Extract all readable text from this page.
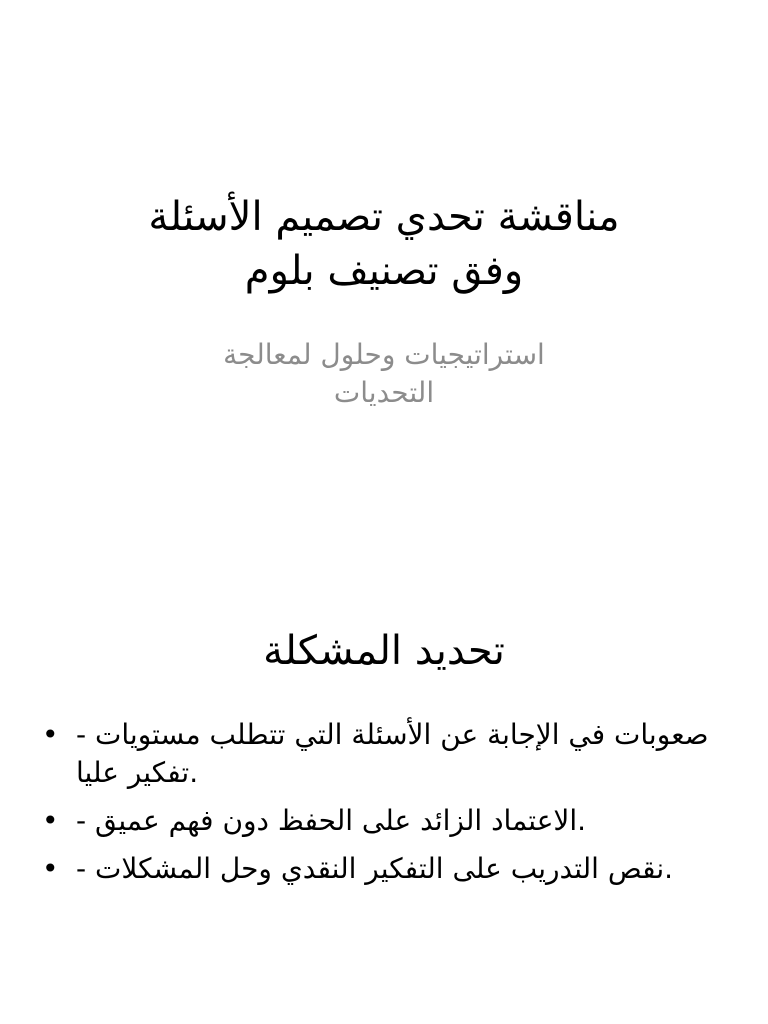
مناقشة تحدي تصميم الأسئلة
وفق تصنيف بلوم
استراتيجيات وحلول لمعالجة
التحديات
تحديد المشكلة
• - صعوبات في الإجابة عن الأسئلة التي تتطلب مستويات تفكير عليا.
• - الاعتماد الزائد على الحفظ دون فهم عميق.
• - نقص التدريب على التفكير النقدي وحل المشكلات.
